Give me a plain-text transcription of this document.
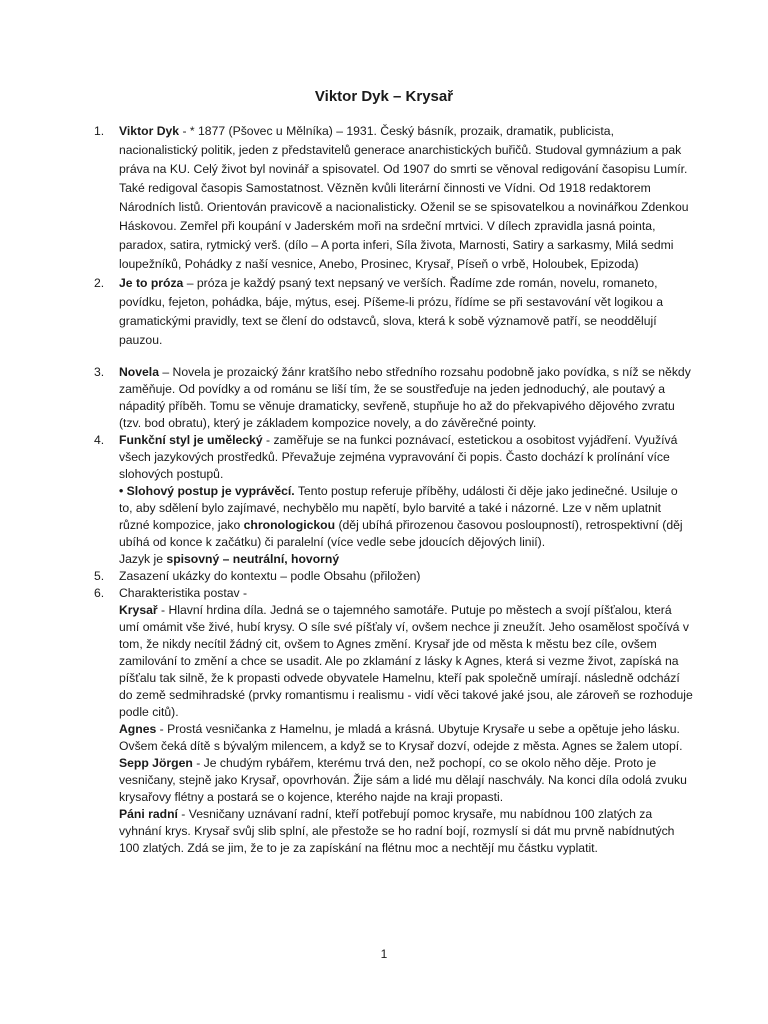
Viktor Dyk – Krysař
1. Viktor Dyk - * 1877 (Pšovec u Mělníka) – 1931. Český básník, prozaik, dramatik, publicista, nacionalistický politik, jeden z představitelů generace anarchistických buřičů. Studoval gymnázium a pak práva na KU. Celý život byl novinář a spisovatel. Od 1907 do smrti se věnoval redigování časopisu Lumír. Také redigoval časopis Samostatnost. Vězněn kvůli literární činnosti ve Vídni. Od 1918 redaktorem Národních listů. Orientován pravicově a nacionalisticky. Oženil se se spisovatelkou a novinářkou Zdenkou Háskovou. Zemřel při koupání v Jaderském moři na srdeční mrtvici. V dílech zpravidla jasná pointa, paradox, satira, rytmický verš. (dílo – A porta inferi, Síla života, Marnosti, Satiry a sarkasmy, Milá sedmi loupežníků, Pohádky z naší vesnice, Anebo, Prosinec, Krysař, Píseň o vrbě, Holoubek, Epizoda)
2. Je to próza – próza je každý psaný text nepsaný ve verších. Řadíme zde román, novelu, romaneto, povídku, fejeton, pohádka, báje, mýtus, esej. Píšeme-li prózu, řídíme se při sestavování vět logikou a gramatickými pravidly, text se člení do odstavců, slova, která k sobě významově patří, se neoddělují pauzou.
3. Novela – Novela je prozaický žánr kratšího nebo středního rozsahu podobně jako povídka, s níž se někdy zaměňuje. Od povídky a od románu se liší tím, že se soustřeďuje na jeden jednoduchý, ale poutavý a nápaditý příběh. Tomu se věnuje dramaticky, sevřeně, stupňuje ho až do překvapivého dějového zvratu (tzv. bod obratu), který je základem kompozice novely, a do závěrečné pointy.
4. Funkční styl je umělecký - zaměřuje se na funkci poznávací, estetickou a osobitost vyjádření. Využívá všech jazykových prostředků. Převažuje zejména vypravování či popis. Často dochází k prolínání více slohových postupů.

• Slohový postup je vyprávěcí. Tento postup referuje příběhy, události či děje jako jedinečné. Usiluje o to, aby sdělení bylo zajímavé, nechybělo mu napětí, bylo barvité a také i názorné. Lze v něm uplatnit různé kompozice, jako chronologickou (děj ubíhá přirozenou časovou posloupností), retrospektivní (děj ubíhá od konce k začátku) či paralelní (více vedle sebe jdoucích dějových linií).

Jazyk je spisovný – neutrální, hovorný

5. Zasazení ukázky do kontextu – podle Obsahu (přiložen)
6. Charakteristika postav -

Krysař - Hlavní hrdina díla. Jedná se o tajemného samotáře. Putuje po městech a svojí píšťalou, která umí omámit vše živé, hubí krysy. O síle své píšťaly ví, ovšem nechce ji zneužít. Jeho osamělost spočívá v tom, že nikdy necítil žádný cit, ovšem to Agnes změní. Krysař jde od města k městu bez cíle, ovšem zamilování to změní a chce se usadit. Ale po zklamání z lásky k Agnes, která si vezme život, zapíská na píšťalu tak silně, že k propasti odvede obyvatele Hamelnu, kteří pak společně umírají. následně odchází do země sedmihradské (prvky romantismu i realismu - vidí věci takové jaké jsou, ale zároveň se rozhoduje podle citů).

Agnes - Prostá vesničanka z Hamelnu, je mladá a krásná. Ubytuje Krysaře u sebe a opětuje jeho lásku. Ovšem čeká dítě s bývalým milencem, a když se to Krysař dozví, odejde z města. Agnes se žalem utopí.

Sepp Jörgen - Je chudým rybářem, kterému trvá den, než pochopí, co se okolo něho děje. Proto je vesničany, stejně jako Krysař, opovrhován. Žije sám a lidé mu dělají naschvály. Na konci díla odolá zvuku krysařovy flétny a postará se o kojence, kterého najde na kraji propasti.

Páni radní - Vesničany uznávaní radní, kteří potřebují pomoc krysaře, mu nabídnou 100 zlatých za vyhnání krys. Krysař svůj slib splní, ale přestože se ho radní bojí, rozmyslí si dát mu prvně nabídnutých 100 zlatých. Zdá se jim, že to je za zapískání na flétnu moc a nechtějí mu částku vyplatit.

1
